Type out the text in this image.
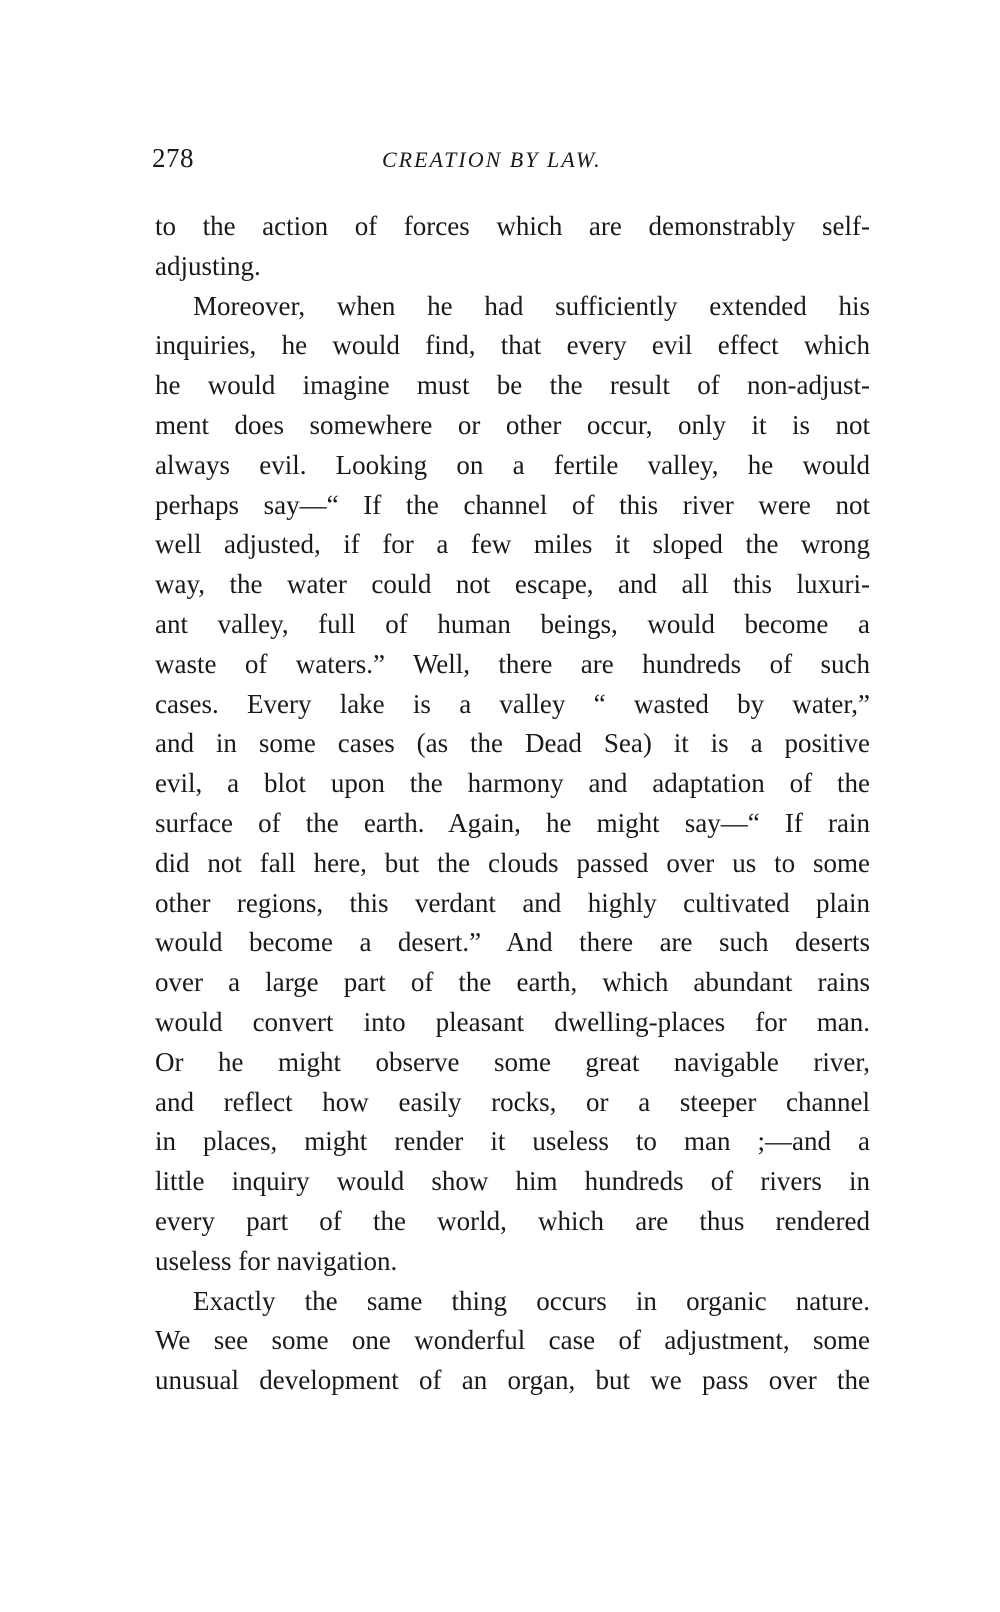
278	CREATION BY LAW.
to the action of forces which are demonstrably self-
adjusting.
Moreover, when he had sufficiently extended his
inquiries, he would find, that every evil effect which
he would imagine must be the result of non-adjust-
ment does somewhere or other occur, only it is not
always evil. Looking on a fertile valley, he would
perhaps say—“ If the channel of this river were not
well adjusted, if for a few miles it sloped the wrong
way, the water could not escape, and all this luxuri-
ant valley, full of human beings, would become a
waste of waters.” Well, there are hundreds of such
cases. Every lake is a valley “ wasted by water,”
and in some cases (as the Dead Sea) it is a positive
evil, a blot upon the harmony and adaptation of the
surface of the earth. Again, he might say—“ If rain
did not fall here, but the clouds passed over us to some
other regions, this verdant and highly cultivated plain
would become a desert.” And there are such deserts
over a large part of the earth, which abundant rains
would convert into pleasant dwelling-places for man.
Or he might observe some great navigable river,
and reflect how easily rocks, or a steeper channel
in places, might render it useless to man ;—and a
little inquiry would show him hundreds of rivers in
every part of the world, which are thus rendered
useless for navigation.
Exactly the same thing occurs in organic nature.
We see some one wonderful case of adjustment, some
unusual development of an organ, but we pass over the
